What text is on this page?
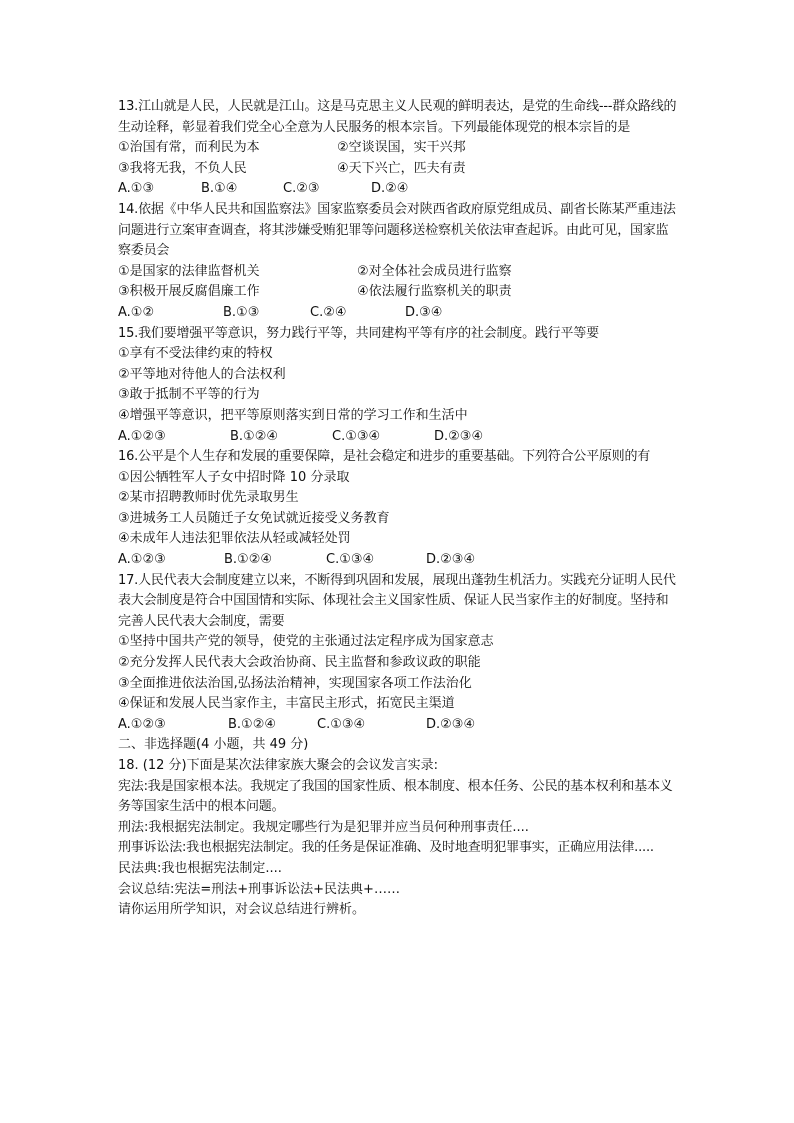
13.江山就是人民，人民就是江山。这是马克思主义人民观的鲜明表达，是党的生命线---群众路线的生动诠释，彰显着我们党全心全意为人民服务的根本宗旨。下列最能体现党的根本宗旨的是
①治国有常，而利民为本	②空谈误国，实干兴邦
③我将无我，不负人民	④天下兴亡，匹夫有责
A.①③	B.①④	C.②③	D.②④
14.依据《中华人民共和国监察法》国家监察委员会对陕西省政府原党组成员、副省长陈某严重违法问题进行立案审查调查，将其涉嫌受贿犯罪等问题移送检察机关依法审查起诉。由此可见，国家监察委员会
①是国家的法律监督机关	②对全体社会成员进行监察
③积极开展反腐倡廉工作	④依法履行监察机关的职责
A.①②	B.①③	C.②④	D.③④
15.我们要增强平等意识，努力践行平等，共同建构平等有序的社会制度。践行平等要
①享有不受法律约束的特权
②平等地对待他人的合法权利
③敢于抵制不平等的行为
④增强平等意识，把平等原则落实到日常的学习工作和生活中
A.①②③	B.①②④	C.①③④	D.②③④
16.公平是个人生存和发展的重要保障，是社会稳定和进步的重要基础。下列符合公平原则的有
①因公牺牲军人子女中招时降 10 分录取
②某市招聘教师时优先录取男生
③进城务工人员随迁子女免试就近接受义务教育
④未成年人违法犯罪依法从轻或减轻处罚
A.①②③	B.①②④	C.①③④	D.②③④
17.人民代表大会制度建立以来，不断得到巩固和发展，展现出蓬勃生机活力。实践充分证明人民代表大会制度是符合中国国情和实际、体现社会主义国家性质、保证人民当家作主的好制度。坚持和完善人民代表大会制度，需要
①坚持中国共产党的领导，使党的主张通过法定程序成为国家意志
②充分发挥人民代表大会政治协商、民主监督和参政议政的职能
③全面推进依法治国,弘扬法治精神，实现国家各项工作法治化
④保证和发展人民当家作主，丰富民主形式，拓宽民主渠道
A.①②③	B.①②④	C.①③④	D.②③④
二、非选择题(4 小题，共 49 分)
18. (12 分)下面是某次法律家族大聚会的会议发言实录:
宪法:我是国家根本法。我规定了我国的国家性质、根本制度、根本任务、公民的基本权利和基本义务等国家生活中的根本问题。
刑法:我根据宪法制定。我规定哪些行为是犯罪并应当员何种刑事责任....
刑事诉讼法:我也根据宪法制定。我的任务是保证准确、及时地查明犯罪事实，正确应用法律.....
民法典:我也根据宪法制定....
会议总结:宪法=刑法+刑事诉讼法+民法典+……
请你运用所学知识，对会议总结进行辨析。
